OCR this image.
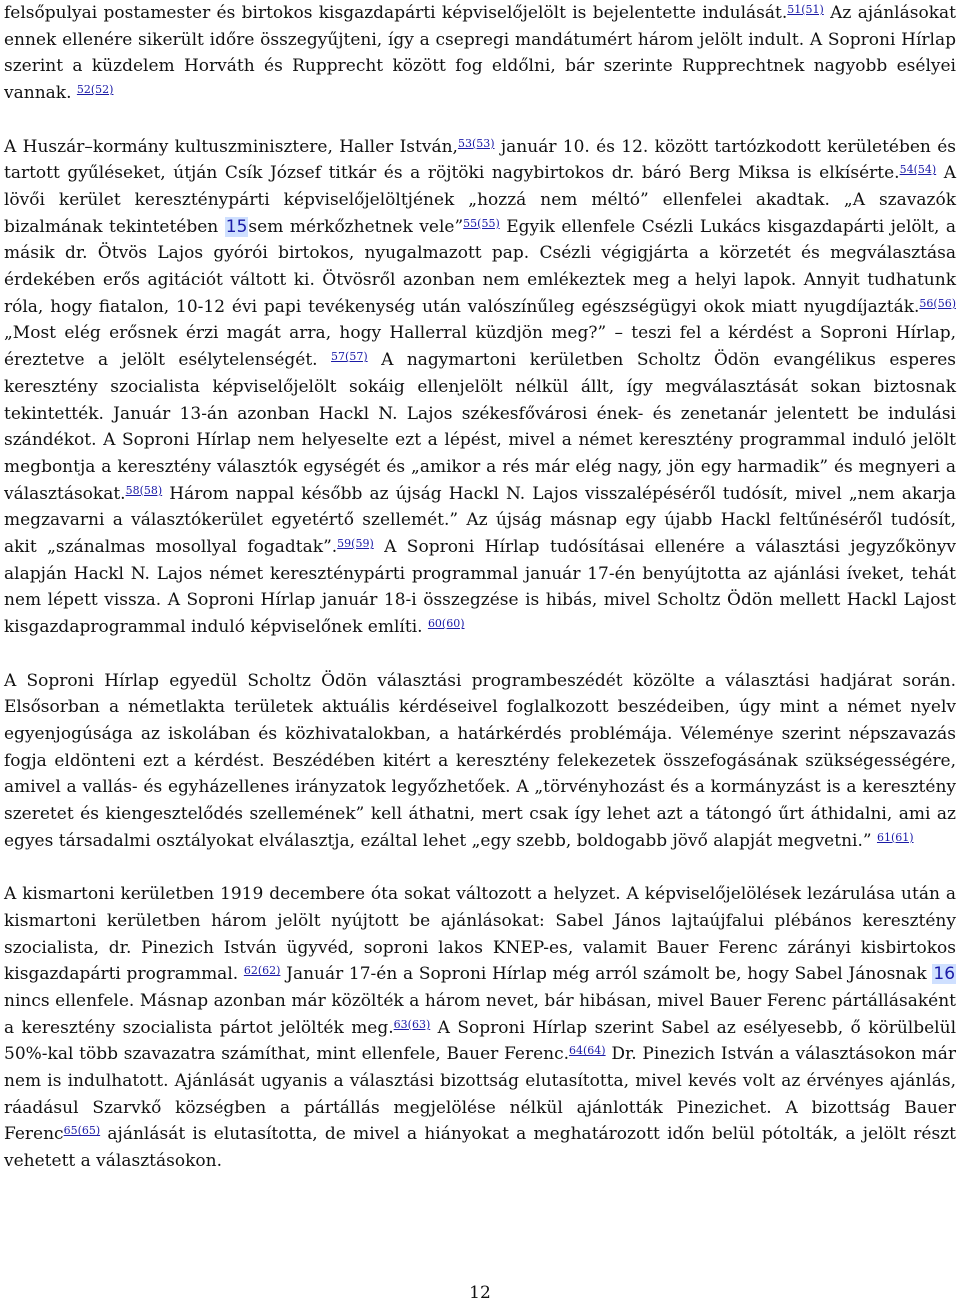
felsőpulyai postamester és birtokos kisgazdapárti képviselőjelölt is bejelentette indulását.$^{51(51)}$ Az ajánlásokat ennek ellenére sikerült időre összegyűjteni, így a csepregi mandátumért három jelölt indult. A Soproni Hírlap szerint a küzdelem Horváth és Rupprecht között fog eldőlni, bár szerinte Rupprechtnek nagyobb esélyei vannak. $^{52(52)}$

A Huszár–kormány kultuszminisztere, Haller István,$^{53(53)}$ január 10. és 12. között tartózkodott kerületében és tartott gyűléseket, útján Csík József titkár és a röjtöki nagybirtokos dr. báró Berg Miksa is elkísérte.$^{54(54)}$ A lövői kerület kereszténypárti képviselőjelöltjének „hozzá nem méltó” ellenfelei akadtak. „A szavazók bizalmának tekintetében 15sem mérkőzhetnek vele”$^{55(55)}$ Egyik ellenfele Csézli Lukács kisgazdapárti jelölt, a másik dr. Ötvös Lajos gyórói birtokos, nyugalmazott pap. Csézli végigjárta a körzetét és megválasztása érdekében erős agitációt váltott ki. Ötvösről azonban nem emlékeztek meg a helyi lapok. Annyit tudhatunk róla, hogy fiatalon, 10-12 évi papi tevékenység után valószínűleg egészségügyi okok miatt nyugdíjazták.$^{56(56)}$ „Most elég erősnek érzi magát arra, hogy Hallerral küzdjön meg?” – teszi fel a kérdést a Soproni Hírlap, éreztetve a jelölt esélytelenségét. $^{57(57)}$ A nagymartoni kerületben Scholtz Ödön evangélikus esperes keresztény szocialista képviselőjelölt sokáig ellenjelölt nélkül állt, így megválasztását sokan biztosnak tekintették. Január 13-án azonban Hackl N. Lajos székesfővárosi ének- és zenetanár jelentett be indulási szándékot. A Soproni Hírlap nem helyeselte ezt a lépést, mivel a német keresztény programmal induló jelölt megbontja a keresztény választók egységét és „amikor a rés már elég nagy, jön egy harmadik” és megnyeri a választásokat.$^{58(58)}$ Három nappal később az újság Hackl N. Lajos visszalépéséről tudósít, mivel „nem akarja megzavarni a választókerület egyetértő szellemét.” Az újság másnap egy újabb Hackl feltűnéséről tudósít, akit „szánalmas mosollyal fogadtak”.$^{59(59)}$ A Soproni Hírlap tudósításai ellenére a választási jegyzőkönyv alapján Hackl N. Lajos német kereszténypárti programmal január 17-én benyújtotta az ajánlási íveket, tehát nem lépett vissza. A Soproni Hírlap január 18-i összegzése is hibás, mivel Scholtz Ödön mellett Hackl Lajost kisgazdaprogrammal induló képviselőnek említi. $^{60(60)}$

A Soproni Hírlap egyedül Scholtz Ödön választási programbeszédét közölte a választási hadjárat során. Elsősorban a németlakta területek aktuális kérdéseivel foglalkozott beszédeiben, úgy mint a német nyelv egyenjogúsága az iskolában és közhivatalokban, a határkérdés problémája. Véleménye szerint népszavazás fogja eldönteni ezt a kérdést. Beszédében kitért a keresztény felekezetek összefogásának szükségességére, amivel a vallás- és egyházellenes irányzatok legyőzhetőek. A „törvényhozást és a kormányzást is a keresztény szeretet és kiengesztelődés szellemének” kell áthatni, mert csak így lehet azt a tátongó űrt áthidalni, ami az egyes társadalmi osztályokat elválasztja, ezáltal lehet „egy szebb, boldogabb jövő alapját megvetni.” $^{61(61)}$

A kismartoni kerületben 1919 decembere óta sokat változott a helyzet. A képviselőjelölések lezárulása után a kismartoni kerületben három jelölt nyújtott be ajánlásokat: Sabel János lajtaújfalui plébános keresztény szocialista, dr. Pinezich István ügyvéd, soproni lakos KNEP-es, valamit Bauer Ferenc zárányi kisbirtokos kisgazdapárti programmal. $^{62(62)}$ Január 17-én a Soproni Hírlap még arról számolt be, hogy Sabel Jánosnak 16nincs ellenfele. Másnap azonban már közölték a három nevet, bár hibásan, mivel Bauer Ferenc pártállásaként a keresztény szocialista pártot jelölték meg.$^{63(63)}$ A Soproni Hírlap szerint Sabel az esélyesebb, ő körülbelül 50%-kal több szavazatra számíthat, mint ellenfele, Bauer Ferenc.$^{64(64)}$ Dr. Pinezich István a választásokon már nem is indulhatott. Ajánlását ugyanis a választási bizottság elutasította, mivel kevés volt az érvényes ajánlás, ráadásul Szarvkő községben a pártállás megjelölése nélkül ajánlották Pinezichet. A bizottság Bauer Ferenc$^{65(65)}$ ajánlását is elutasította, de mivel a hiányokat a meghatározott időn belül pótolták, a jelölt részt vehetett a választásokon.

12
